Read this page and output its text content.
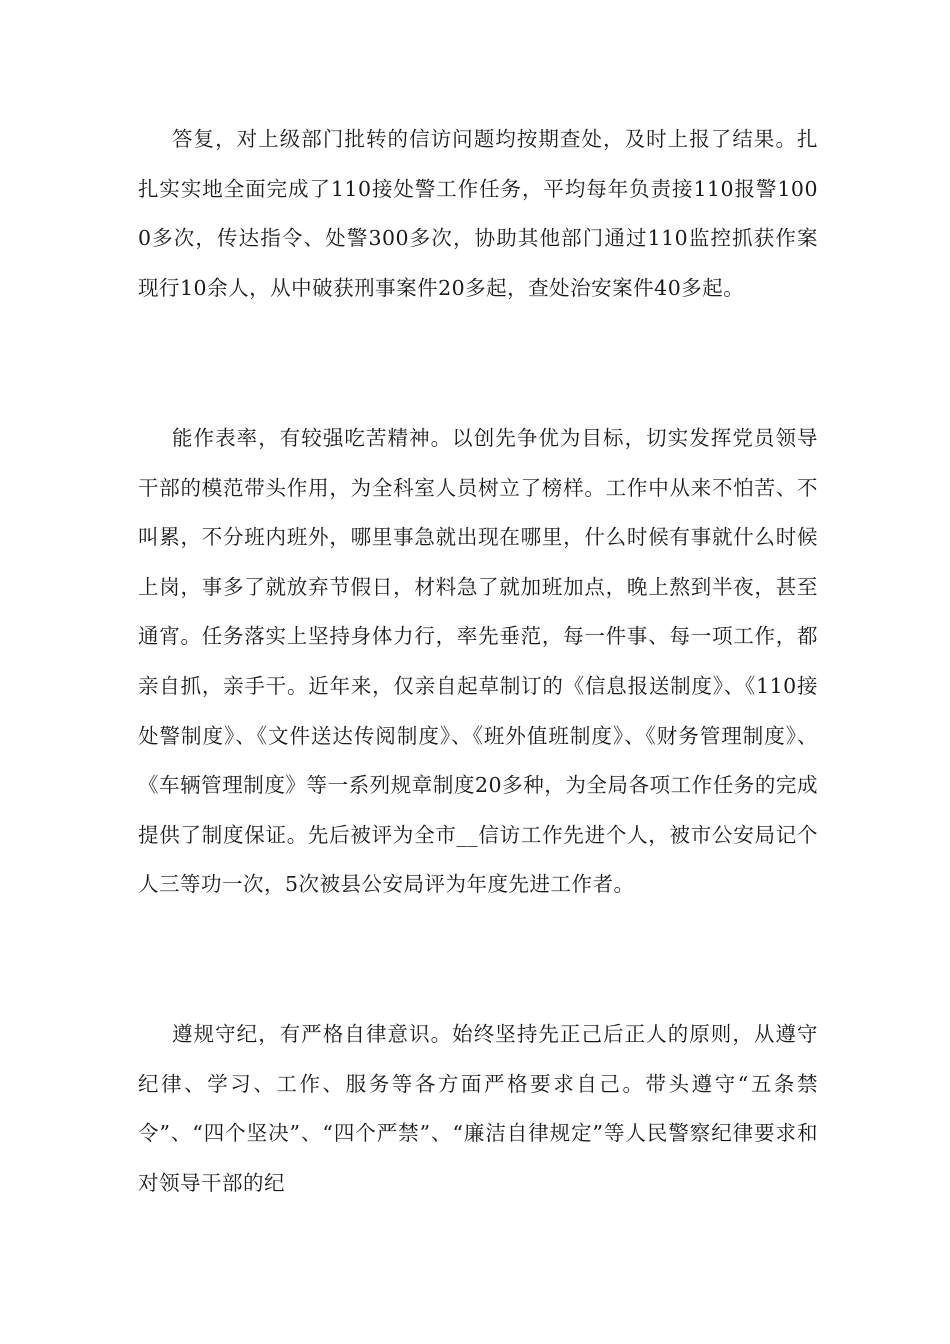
答复，对上级部门批转的信访问题均按期查处，及时上报了结果。扎扎实实地全面完成了110接处警工作任务，平均每年负责接110报警1000多次，传达指令、处警300多次，协助其他部门通过110监控抓获作案现行10余人，从中破获刑事案件20多起，查处治安案件40多起。

能作表率，有较强吃苦精神。以创先争优为目标，切实发挥党员领导干部的模范带头作用，为全科室人员树立了榜样。工作中从来不怕苦、不叫累，不分班内班外，哪里事急就出现在哪里，什么时候有事就什么时候上岗，事多了就放弃节假日，材料急了就加班加点，晚上熬到半夜，甚至通宵。任务落实上坚持身体力行，率先垂范，每一件事、每一项工作，都亲自抓，亲手干。近年来，仅亲自起草制订的《信息报送制度》、《110接处警制度》、《文件送达传阅制度》、《班外值班制度》、《财务管理制度》、《车辆管理制度》等一系列规章制度20多种，为全局各项工作任务的完成提供了制度保证。先后被评为全市__信访工作先进个人，被市公安局记个人三等功一次，5次被县公安局评为年度先进工作者。

遵规守纪，有严格自律意识。始终坚持先正己后正人的原则，从遵守纪律、学习、工作、服务等各方面严格要求自己。带头遵守“五条禁令”、“四个坚决”、“四个严禁”、“廉洁自律规定”等人民警察纪律要求和对领导干部的纪
